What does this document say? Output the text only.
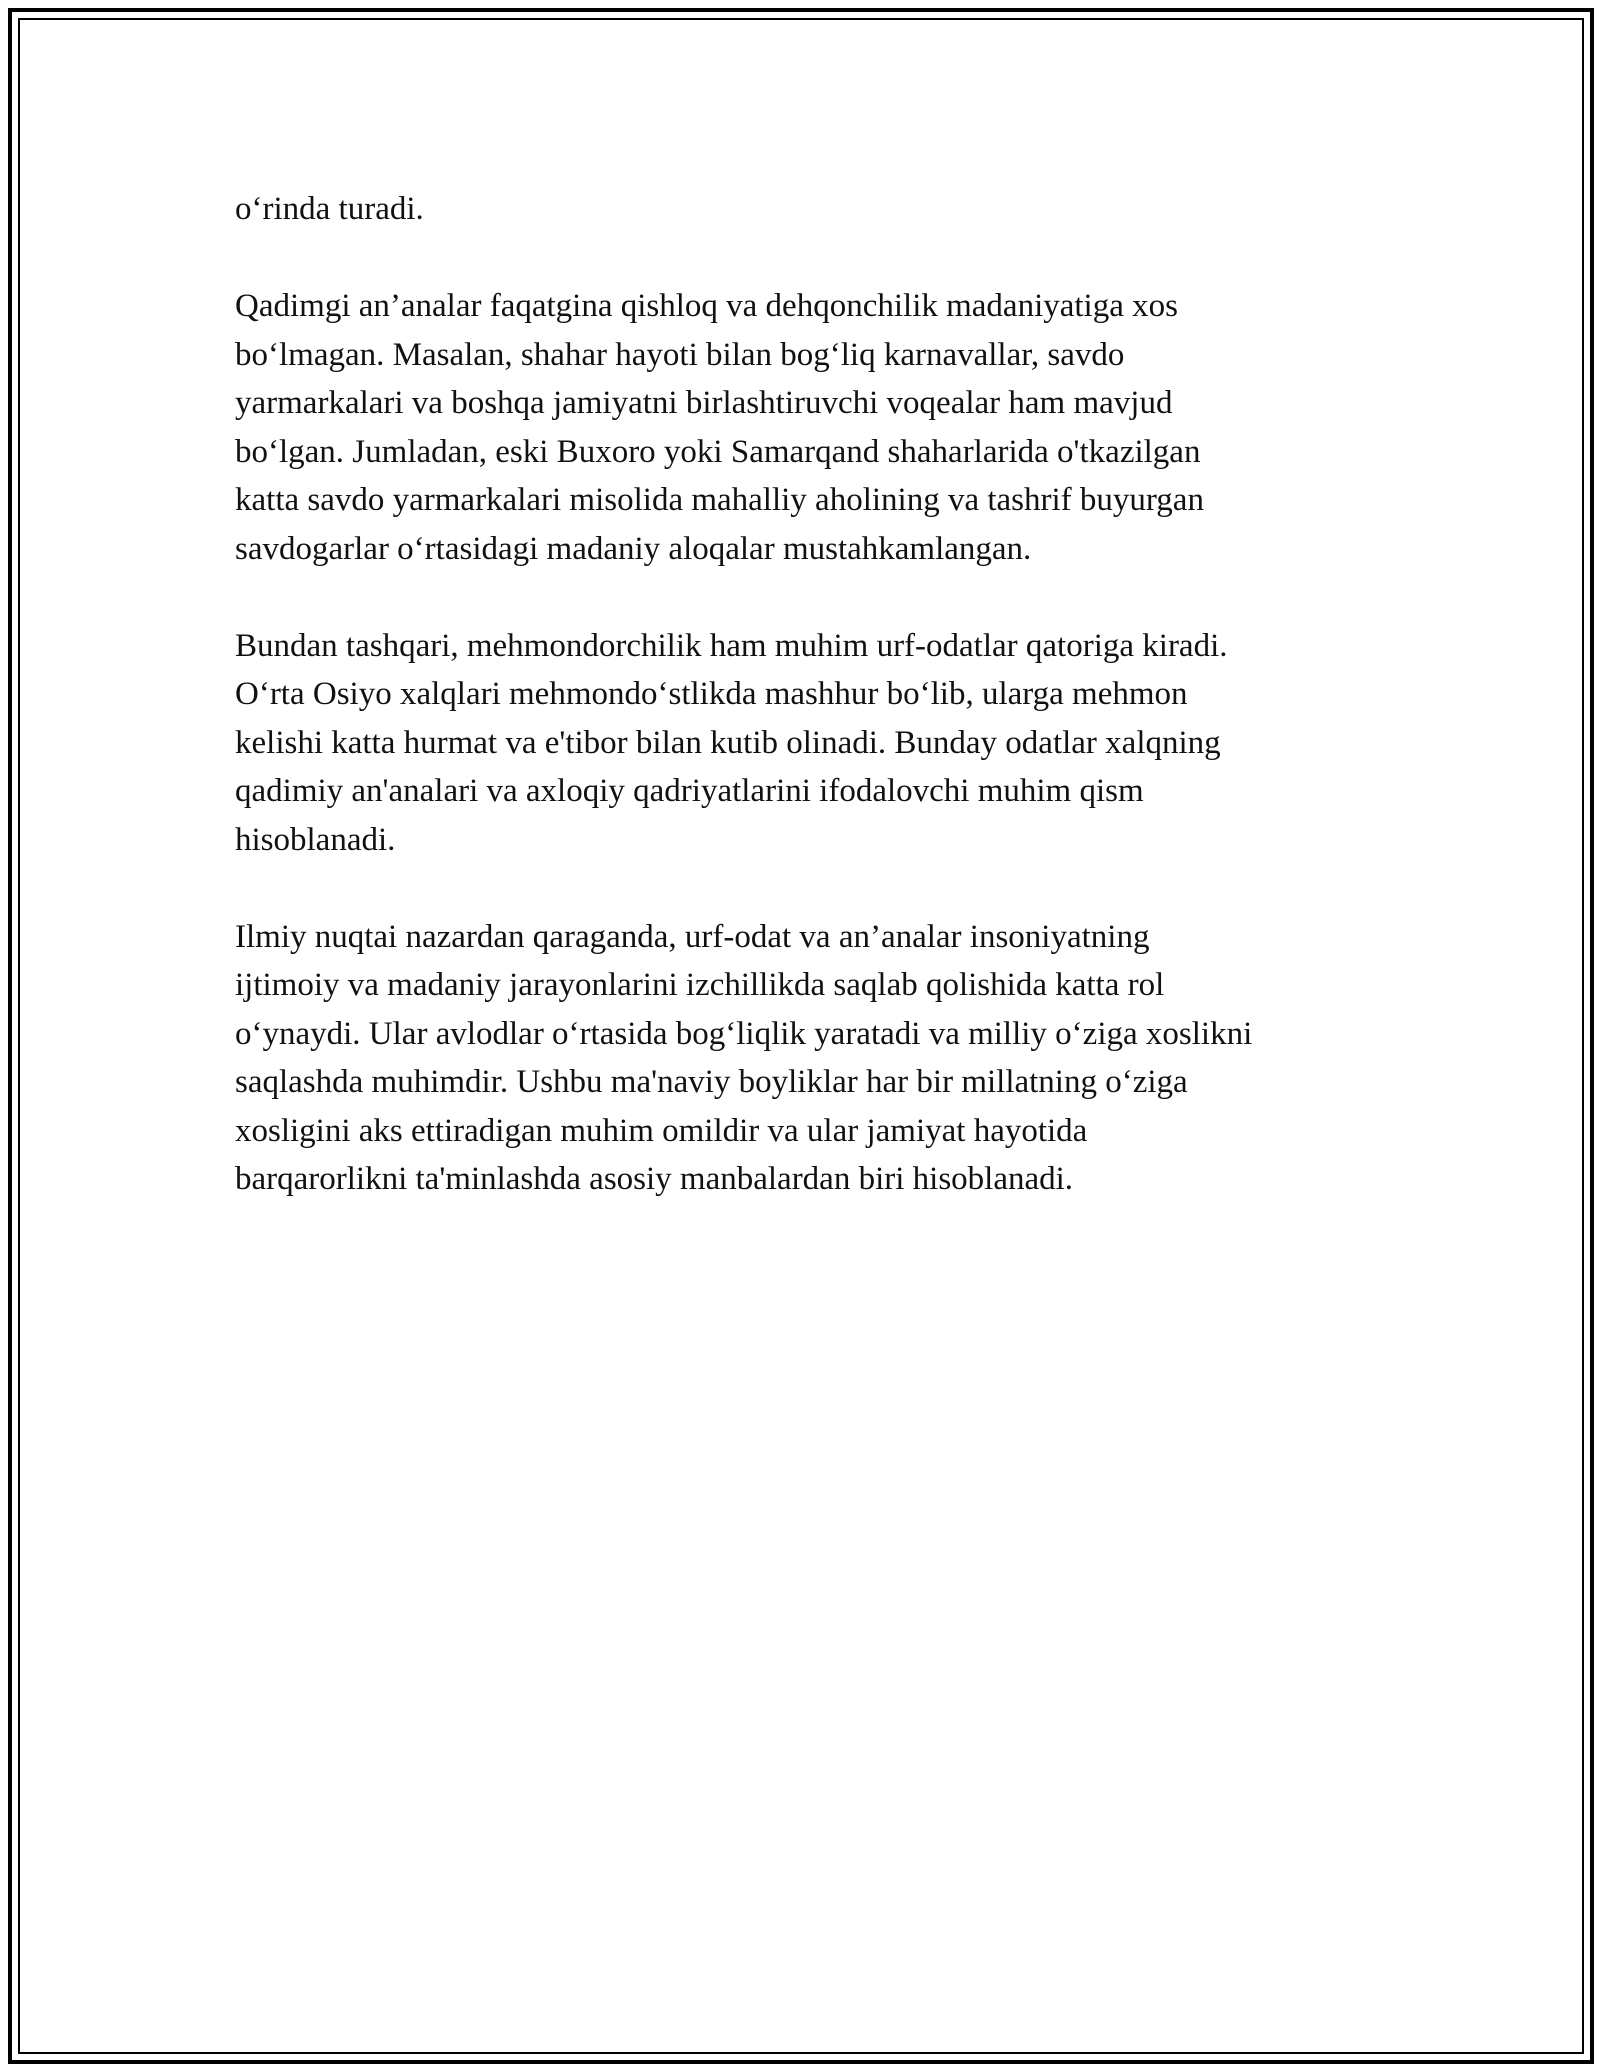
o‘rinda turadi.

Qadimgi an’analar faqatgina qishloq va dehqonchilik madaniyatiga xos
bo‘lmagan. Masalan, shahar hayoti bilan bog‘liq karnavallar, savdo
yarmarkalari va boshqa jamiyatni birlashtiruvchi voqealar ham mavjud
bo‘lgan. Jumladan, eski Buxoro yoki Samarqand shaharlarida o'tkazilgan
katta savdo yarmarkalari misolida mahalliy aholining va tashrif buyurgan
savdogarlar o‘rtasidagi madaniy aloqalar mustahkamlangan.

Bundan tashqari, mehmondorchilik ham muhim urf-odatlar qatoriga kiradi.
O‘rta Osiyo xalqlari mehmondo‘stlikda mashhur bo‘lib, ularga mehmon
kelishi katta hurmat va e'tibor bilan kutib olinadi. Bunday odatlar xalqning
qadimiy an'analari va axloqiy qadriyatlarini ifodalovchi muhim qism
hisoblanadi.

Ilmiy nuqtai nazardan qaraganda, urf-odat va an’analar insoniyatning
ijtimoiy va madaniy jarayonlarini izchillikda saqlab qolishida katta rol
o‘ynaydi. Ular avlodlar o‘rtasida bog‘liqlik yaratadi va milliy o‘ziga xoslikni
saqlashda muhimdir. Ushbu ma'naviy boyliklar har bir millatning o‘ziga
xosligini aks ettiradigan muhim omildir va ular jamiyat hayotida
barqarorlikni ta'minlashda asosiy manbalardan biri hisoblanadi.
